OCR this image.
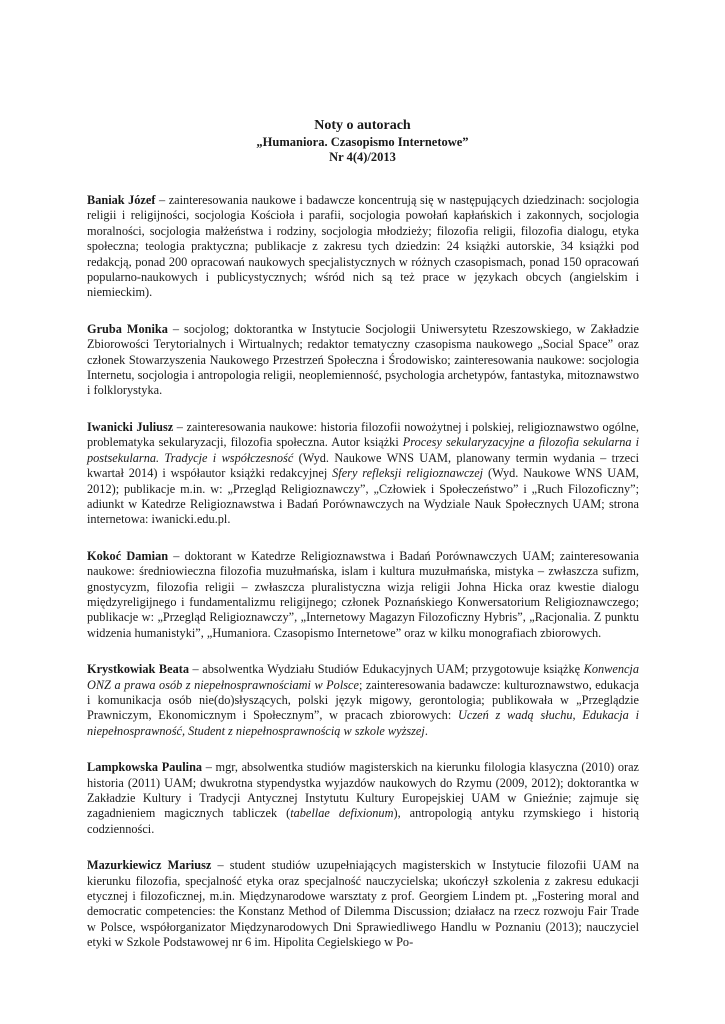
Noty o autorach
„Humaniora. Czasopismo Internetowe”
Nr 4(4)/2013

Baniak Józef – zainteresowania naukowe i badawcze koncentrują się w następujących dziedzinach: socjologia religii i religijności, socjologia Kościoła i parafii, socjologia powołań kapłańskich i zakonnych, socjologia moralności, socjologia małżeństwa i rodziny, socjologia młodzieży; filozofia religii, filozofia dialogu, etyka społeczna; teologia praktyczna; publikacje z zakresu tych dziedzin: 24 książki autorskie, 34 książki pod redakcją, ponad 200 opracowań naukowych specjalistycznych w różnych czasopismach, ponad 150 opracowań popularno-naukowych i publicystycznych; wśród nich są też prace w językach obcych (angielskim i niemieckim).

Gruba Monika – socjolog; doktorantka w Instytucie Socjologii Uniwersytetu Rzeszowskiego, w Zakładzie Zbiorowości Terytorialnych i Wirtualnych; redaktor tematyczny czasopisma naukowego „Social Space” oraz członek Stowarzyszenia Naukowego Przestrzeń Społeczna i Środowisko; zainteresowania naukowe: socjologia Internetu, socjologia i antropologia religii, neoplemienność, psychologia archetypów, fantastyka, mitoznawstwo i folklorystyka.

Iwanicki Juliusz – zainteresowania naukowe: historia filozofii nowożytnej i polskiej, religioznawstwo ogólne, problematyka sekularyzacji, filozofia społeczna. Autor książki Procesy sekularyzacyjne a filozofia sekularna i postsekularna. Tradycje i współczesność (Wyd. Naukowe WNS UAM, planowany termin wydania – trzeci kwartał 2014) i współautor książki redakcyjnej Sfery refleksji religioznawczej (Wyd. Naukowe WNS UAM, 2012); publikacje m.in. w: „Przegląd Religioznawczy”, „Człowiek i Społeczeństwo” i „Ruch Filozoficzny”; adiunkt w Katedrze Religioznawstwa i Badań Porównawczych na Wydziale Nauk Społecznych UAM; strona internetowa: iwanicki.edu.pl.

Kokoć Damian – doktorant w Katedrze Religioznawstwa i Badań Porównawczych UAM; zainteresowania naukowe: średniowieczna filozofia muzułmańska, islam i kultura muzułmańska, mistyka – zwłaszcza sufizm, gnostycyzm, filozofia religii – zwłaszcza pluralistyczna wizja religii Johna Hicka oraz kwestie dialogu międzyreligijnego i fundamentalizmu religijnego; członek Poznańskiego Konwersatorium Religioznawczego; publikacje w: „Przegląd Religioznawczy”, „Internetowy Magazyn Filozoficzny Hybris”, „Racjonalia. Z punktu widzenia humanistyki”, „Humaniora. Czasopismo Internetowe” oraz w kilku monografiach zbiorowych.

Krystkowiak Beata – absolwentka Wydziału Studiów Edukacyjnych UAM; przygotowuje książkę Konwencja ONZ a prawa osób z niepełnosprawnościami w Polsce; zainteresowania badawcze: kulturoznawstwo, edukacja i komunikacja osób nie(do)słyszących, polski język migowy, gerontologia; publikowała w „Przeglądzie Prawniczym, Ekonomicznym i Społecznym”, w pracach zbiorowych: Uczeń z wadą słuchu, Edukacja i niepełnosprawność, Student z niepełnosprawnością w szkole wyższej.

Lampkowska Paulina – mgr, absolwentka studiów magisterskich na kierunku filologia klasyczna (2010) oraz historia (2011) UAM; dwukrotna stypendystka wyjazdów naukowych do Rzymu (2009, 2012); doktorantka w Zakładzie Kultury i Tradycji Antycznej Instytutu Kultury Europejskiej UAM w Gnieźnie; zajmuje się zagadnieniem magicznych tabliczek (tabellae defixionum), antropologią antyku rzymskiego i historią codzienności.

Mazurkiewicz Mariusz – student studiów uzupełniających magisterskich w Instytucie filozofii UAM na kierunku filozofia, specjalność etyka oraz specjalność nauczycielska; ukończył szkolenia z zakresu edukacji etycznej i filozoficznej, m.in. Międzynarodowe warsztaty z prof. Georgiem Lindem pt. „Fostering moral and democratic competencies: the Konstanz Method of Dilemma Discussion; działacz na rzecz rozwoju Fair Trade w Polsce, współorganizator Międzynarodowych Dni Sprawiedliwego Handlu w Poznaniu (2013); nauczyciel etyki w Szkole Podstawowej nr 6 im. Hipolita Cegielskiego w Po-
